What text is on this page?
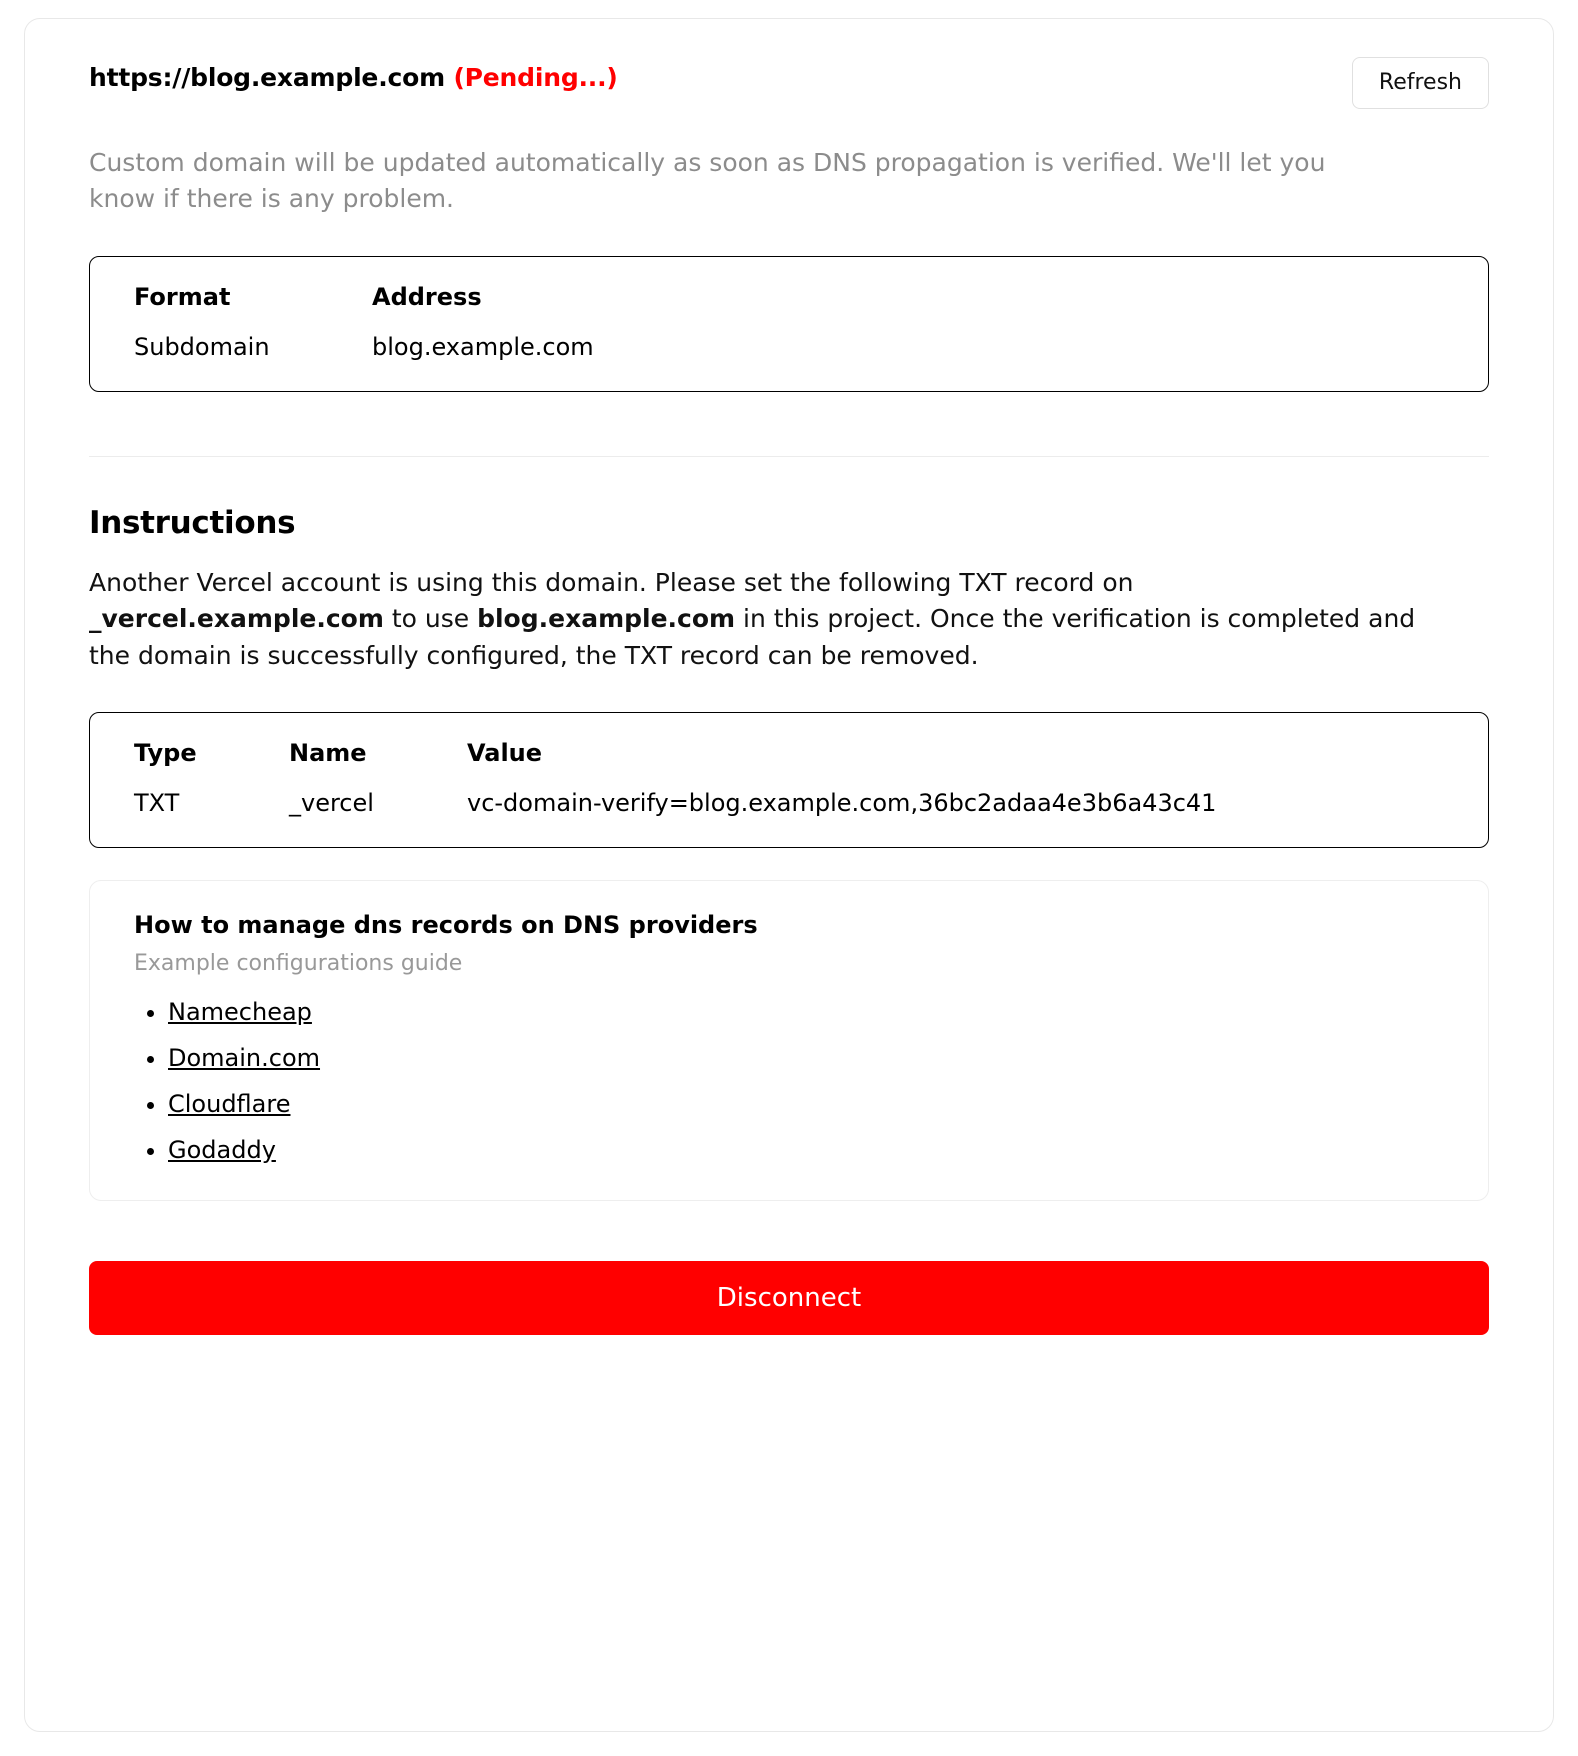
https://blog.example.com (Pending...)	Refresh
Custom domain will be updated automatically as soon as DNS propagation is verified. We'll let you know if there is any problem.
Format	Address
Subdomain	blog.example.com
Instructions
Another Vercel account is using this domain. Please set the following TXT record on _vercel.example.com to use blog.example.com in this project. Once the verification is completed and the domain is successfully configured, the TXT record can be removed.
Type	Name	Value
TXT	_vercel	vc-domain-verify=blog.example.com,36bc2adaa4e3b6a43c41
How to manage dns records on DNS providers
Example configurations guide
• Namecheap
• Domain.com
• Cloudflare
• Godaddy
Disconnect
